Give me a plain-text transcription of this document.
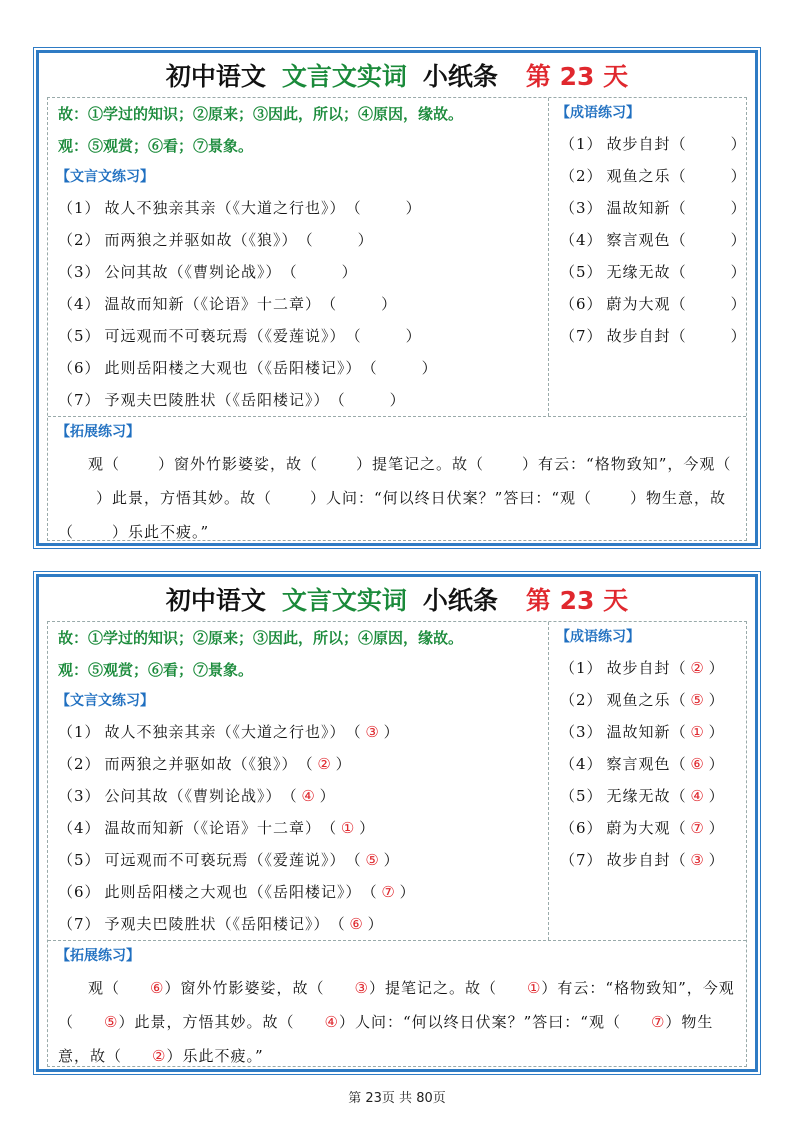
初中语文 文言文实词 小纸条 第 23 天
故：①学过的知识；②原来；③因此，所以；④原因，缘故。
观：⑤观赏；⑥看；⑦景象。
【文言文练习】
（1） 故人不独亲其亲（《大道之行也》）（	）
（2） 而两狼之并驱如故（《狼》）（	）
（3） 公问其故（《曹刿论战》）（	）
（4） 温故而知新（《论语》十二章）（	）
（5） 可远观而不可亵玩焉（《爱莲说》）（	）
（6） 此则岳阳楼之大观也（《岳阳楼记》）（	）
（7） 予观夫巴陵胜状（《岳阳楼记》）（	）
【成语练习】
（1） 故步自封（	）
（2） 观鱼之乐（	）
（3） 温故知新（	）
（4） 察言观色（	）
（5） 无缘无故（	）
（6） 蔚为大观（	）
（7） 故步自封（	）
【拓展练习】
观（	）窗外竹影婆娑，故（	）提笔记之。故（	）有云：“格物致知”，今观（）此景，方悟其妙。故（	）人问：“何以终日伏案？”答曰：“观（	）物生意，故（	）乐此不疲。”
初中语文 文言文实词 小纸条 第 23 天
故：①学过的知识；②原来；③因此，所以；④原因，缘故。
观：⑤观赏；⑥看；⑦景象。
【文言文练习】
（1） 故人不独亲其亲（《大道之行也》）（ ③ ）
（2） 而两狼之并驱如故（《狼》）（ ② ）
（3） 公问其故（《曹刿论战》）（ ④ ）
（4） 温故而知新（《论语》十二章）（ ① ）
（5） 可远观而不可亵玩焉（《爱莲说》）（ ⑤ ）
（6） 此则岳阳楼之大观也（《岳阳楼记》）（ ⑦ ）
（7） 予观夫巴陵胜状（《岳阳楼记》）（ ⑥ ）
【成语练习】
（1） 故步自封（ ② ）
（2） 观鱼之乐（ ⑤ ）
（3） 温故知新（ ① ）
（4） 察言观色（ ⑥ ）
（5） 无缘无故（ ④ ）
（6） 蔚为大观（ ⑦ ）
（7） 故步自封（ ③ ）
【拓展练习】
观（ ⑥）窗外竹影婆娑，故（ ③）提笔记之。故（ ①）有云：“格物致知”，今观（ ⑤）此景，方悟其妙。故（ ④）人问：“何以终日伏案？”答曰：“观（ ⑦）物生意，故（ ②）乐此不疲。”
第 23页 共 80页
